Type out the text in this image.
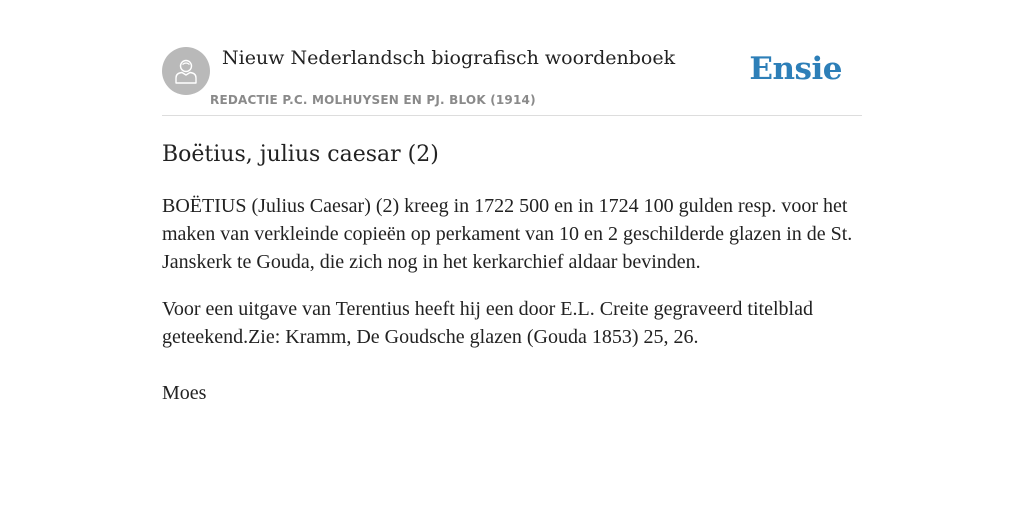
Nieuw Nederlandsch biografisch woordenboek
REDACTIE P.C. MOLHUYSEN EN PJ. BLOK (1914)
Ensie
Boëtius, julius caesar (2)

BOËTIUS (Julius Caesar) (2) kreeg in 1722 500 en in 1724 100 gulden resp. voor het maken van verkleinde copieën op perkament van 10 en 2 geschilderde glazen in de St. Janskerk te Gouda, die zich nog in het kerkarchief aldaar bevinden.

Voor een uitgave van Terentius heeft hij een door E.L. Creite gegraveerd titelblad geteekend.Zie: Kramm, De Goudsche glazen (Gouda 1853) 25, 26.

Moes
